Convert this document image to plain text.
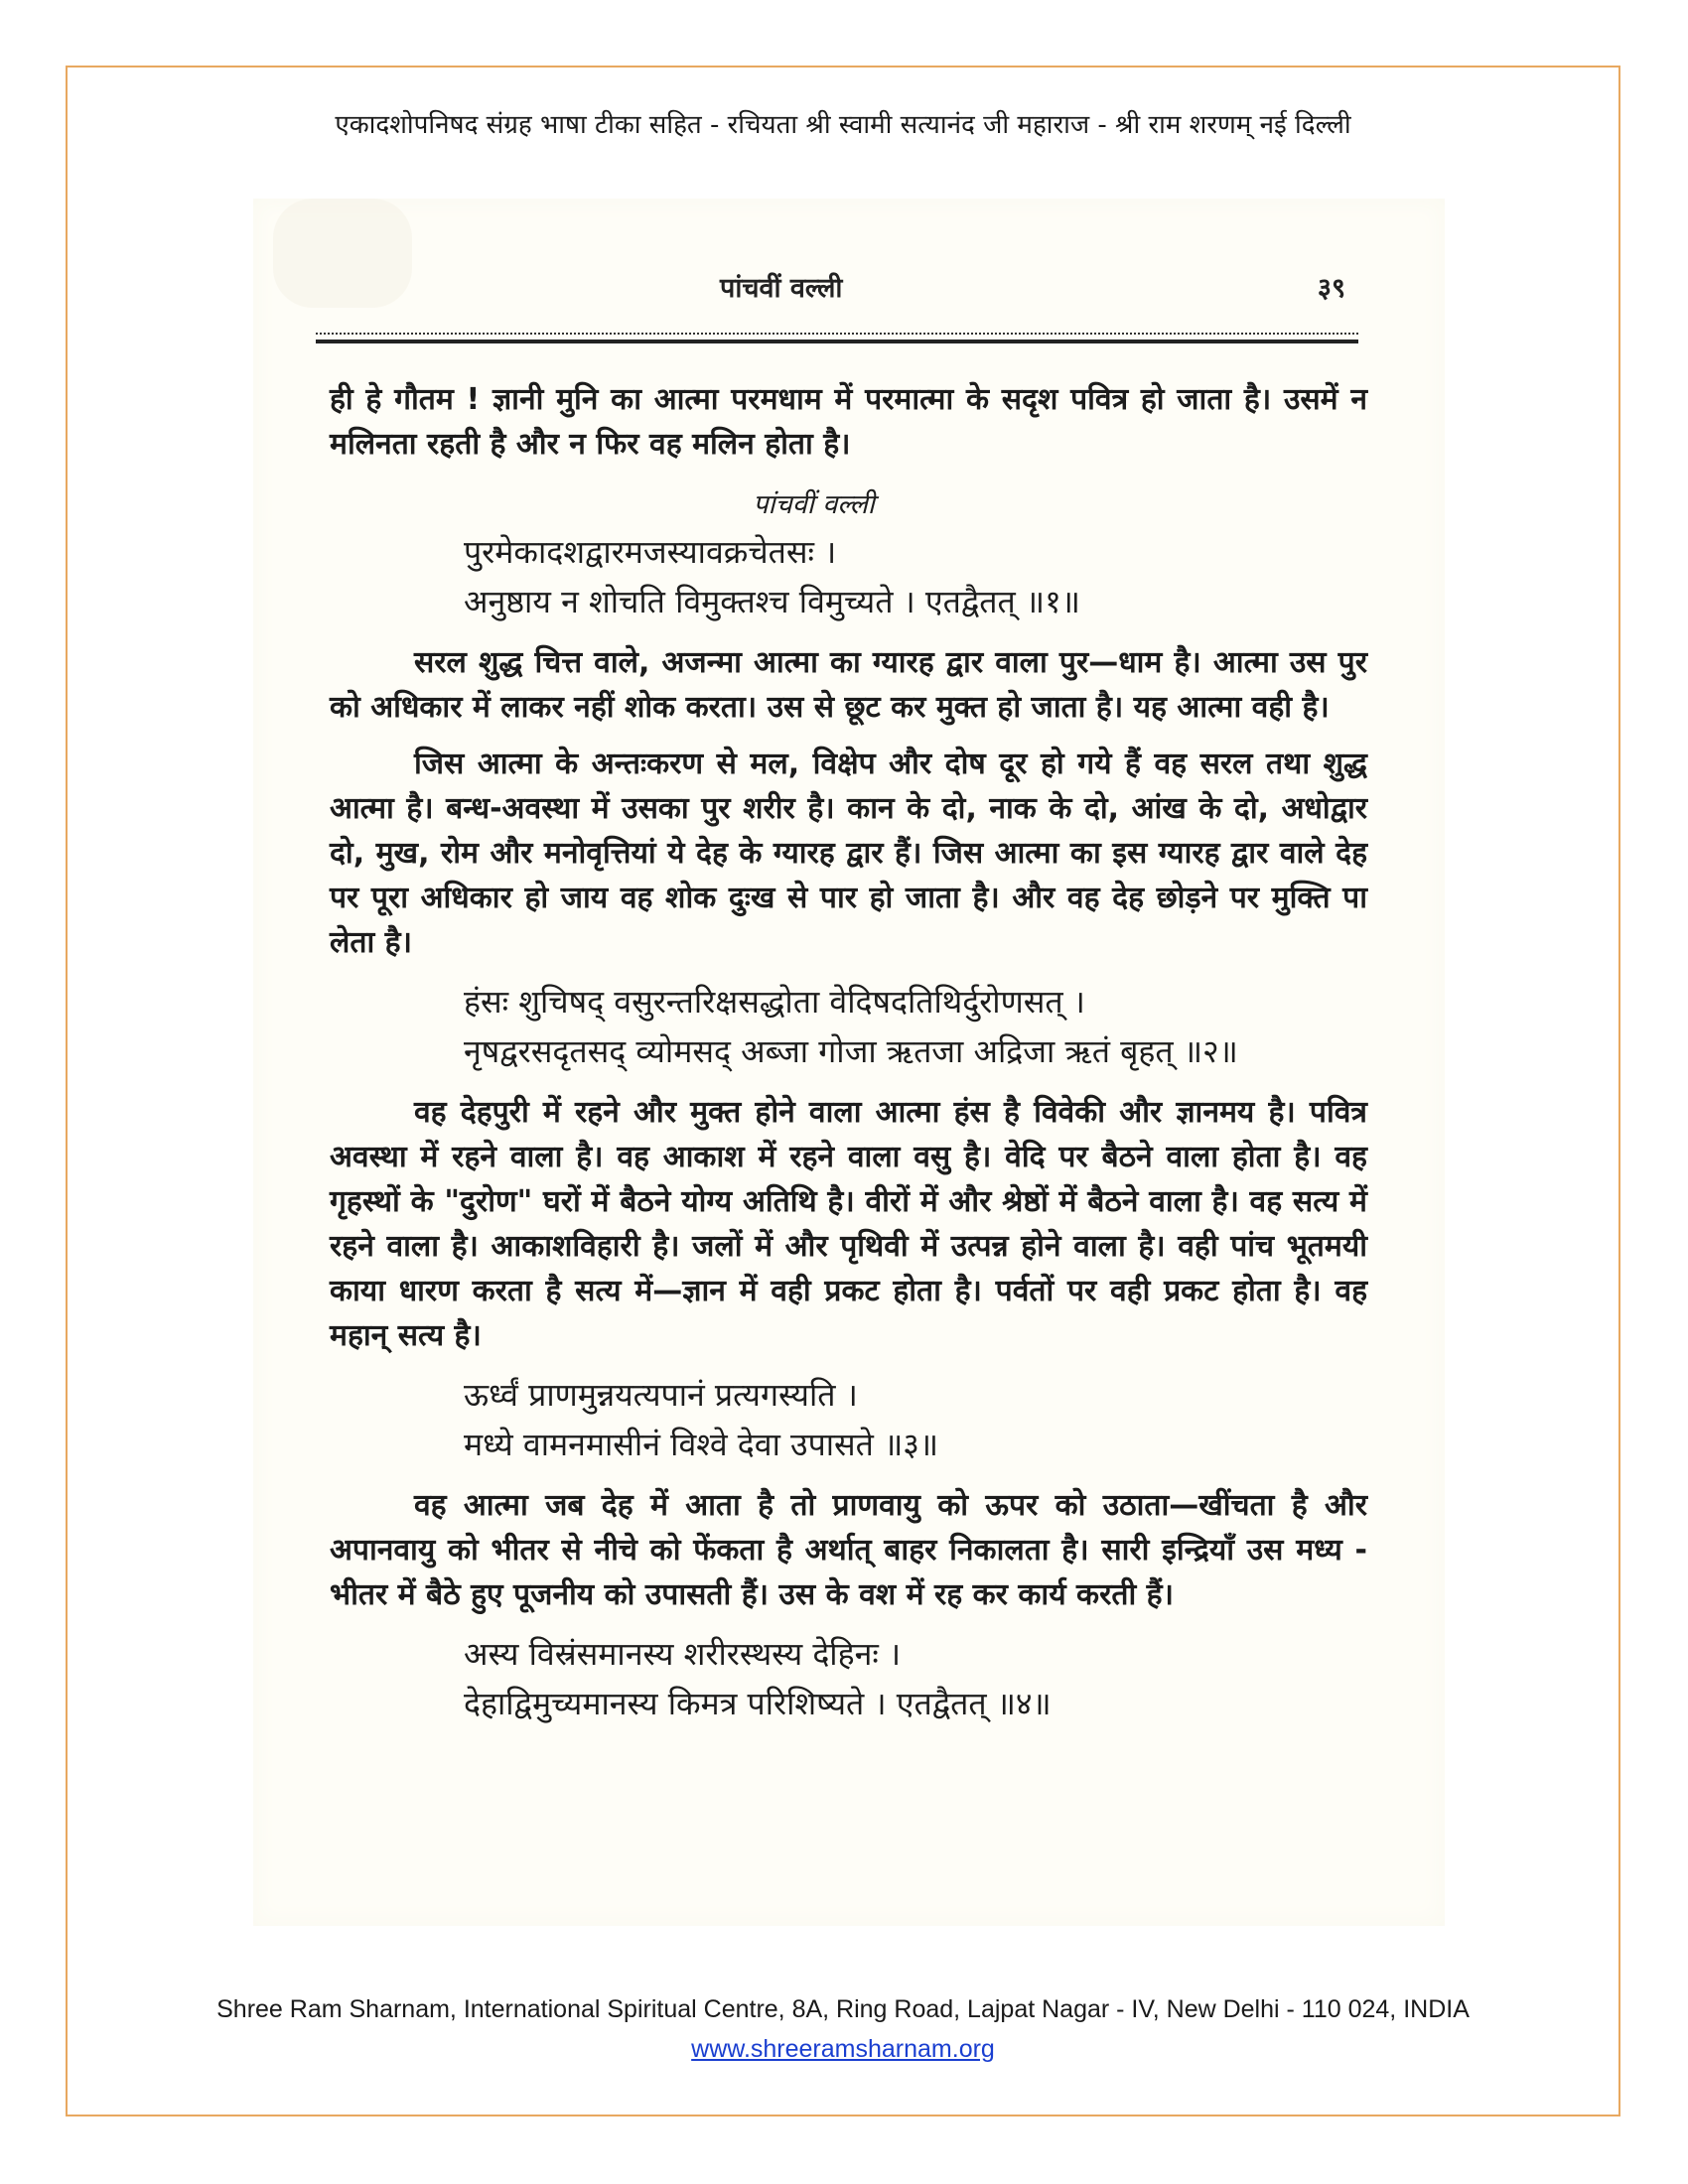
एकादशोपनिषद संग्रह भाषा टीका सहित - रचियता श्री स्वामी सत्यानंद जी महाराज - श्री राम शरणम् नई दिल्ली
पांचवीं वल्ली	३९

ही हे गौतम ! ज्ञानी मुनि का आत्मा परमधाम में परमात्मा के सदृश पवित्र हो जाता है। उसमें न मलिनता रहती है और न फिर वह मलिन होता है।

पांचवीं वल्ली
पुरमेकादशद्वारमजस्यावक्रचेतसः ।
अनुष्ठाय न शोचति विमुक्तश्च विमुच्यते । एतद्वैतत् ॥१॥

सरल शुद्ध चित्त वाले, अजन्मा आत्मा का ग्यारह द्वार वाला पुर—धाम है। आत्मा उस पुर को अधिकार में लाकर नहीं शोक करता। उस से छूट कर मुक्त हो जाता है। यह आत्मा वही है।

जिस आत्मा के अन्तःकरण से मल, विक्षेप और दोष दूर हो गये हैं वह सरल तथा शुद्ध आत्मा है। बन्ध-अवस्था में उसका पुर शरीर है। कान के दो, नाक के दो, आंख के दो, अधोद्वार दो, मुख, रोम और मनोवृत्तियां ये देह के ग्यारह द्वार हैं। जिस आत्मा का इस ग्यारह द्वार वाले देह पर पूरा अधिकार हो जाय वह शोक दुःख से पार हो जाता है। और वह देह छोड़ने पर मुक्ति पा लेता है।

हंसः शुचिषद् वसुरन्तरिक्षसद्धोता वेदिषदतिथिर्दुरोणसत् ।
नृषद्वरसदृतसद् व्योमसद् अब्जा गोजा ऋतजा अद्रिजा ऋतं बृहत् ॥२॥

वह देहपुरी में रहने और मुक्त होने वाला आत्मा हंस है विवेकी और ज्ञानमय है। पवित्र अवस्था में रहने वाला है। वह आकाश में रहने वाला वसु है। वेदि पर बैठने वाला होता है। वह गृहस्थों के "दुरोण" घरों में बैठने योग्य अतिथि है। वीरों में और श्रेष्ठों में बैठने वाला है। वह सत्य में रहने वाला है। आकाशविहारी है। जलों में और पृथिवी में उत्पन्न होने वाला है। वही पांच भूतमयी काया धारण करता है सत्य में—ज्ञान में वही प्रकट होता है। पर्वतों पर वही प्रकट होता है। वह महान् सत्य है।

ऊर्ध्वं प्राणमुन्नयत्यपानं प्रत्यगस्यति ।
मध्ये वामनमासीनं विश्वे देवा उपासते ॥३॥

वह आत्मा जब देह में आता है तो प्राणवायु को ऊपर को उठाता—खींचता है और अपानवायु को भीतर से नीचे को फेंकता है अर्थात् बाहर निकालता है। सारी इन्द्रियाँ उस मध्य - भीतर में बैठे हुए पूजनीय को उपासती हैं। उस के वश में रह कर कार्य करती हैं।

अस्य विस्रंसमानस्य शरीरस्थस्य देहिनः ।
देहाद्विमुच्यमानस्य किमत्र परिशिष्यते । एतद्वैतत् ॥४॥
Shree Ram Sharnam, International Spiritual Centre, 8A, Ring Road, Lajpat Nagar - IV, New Delhi - 110 024, INDIA
www.shreeramsharnam.org
